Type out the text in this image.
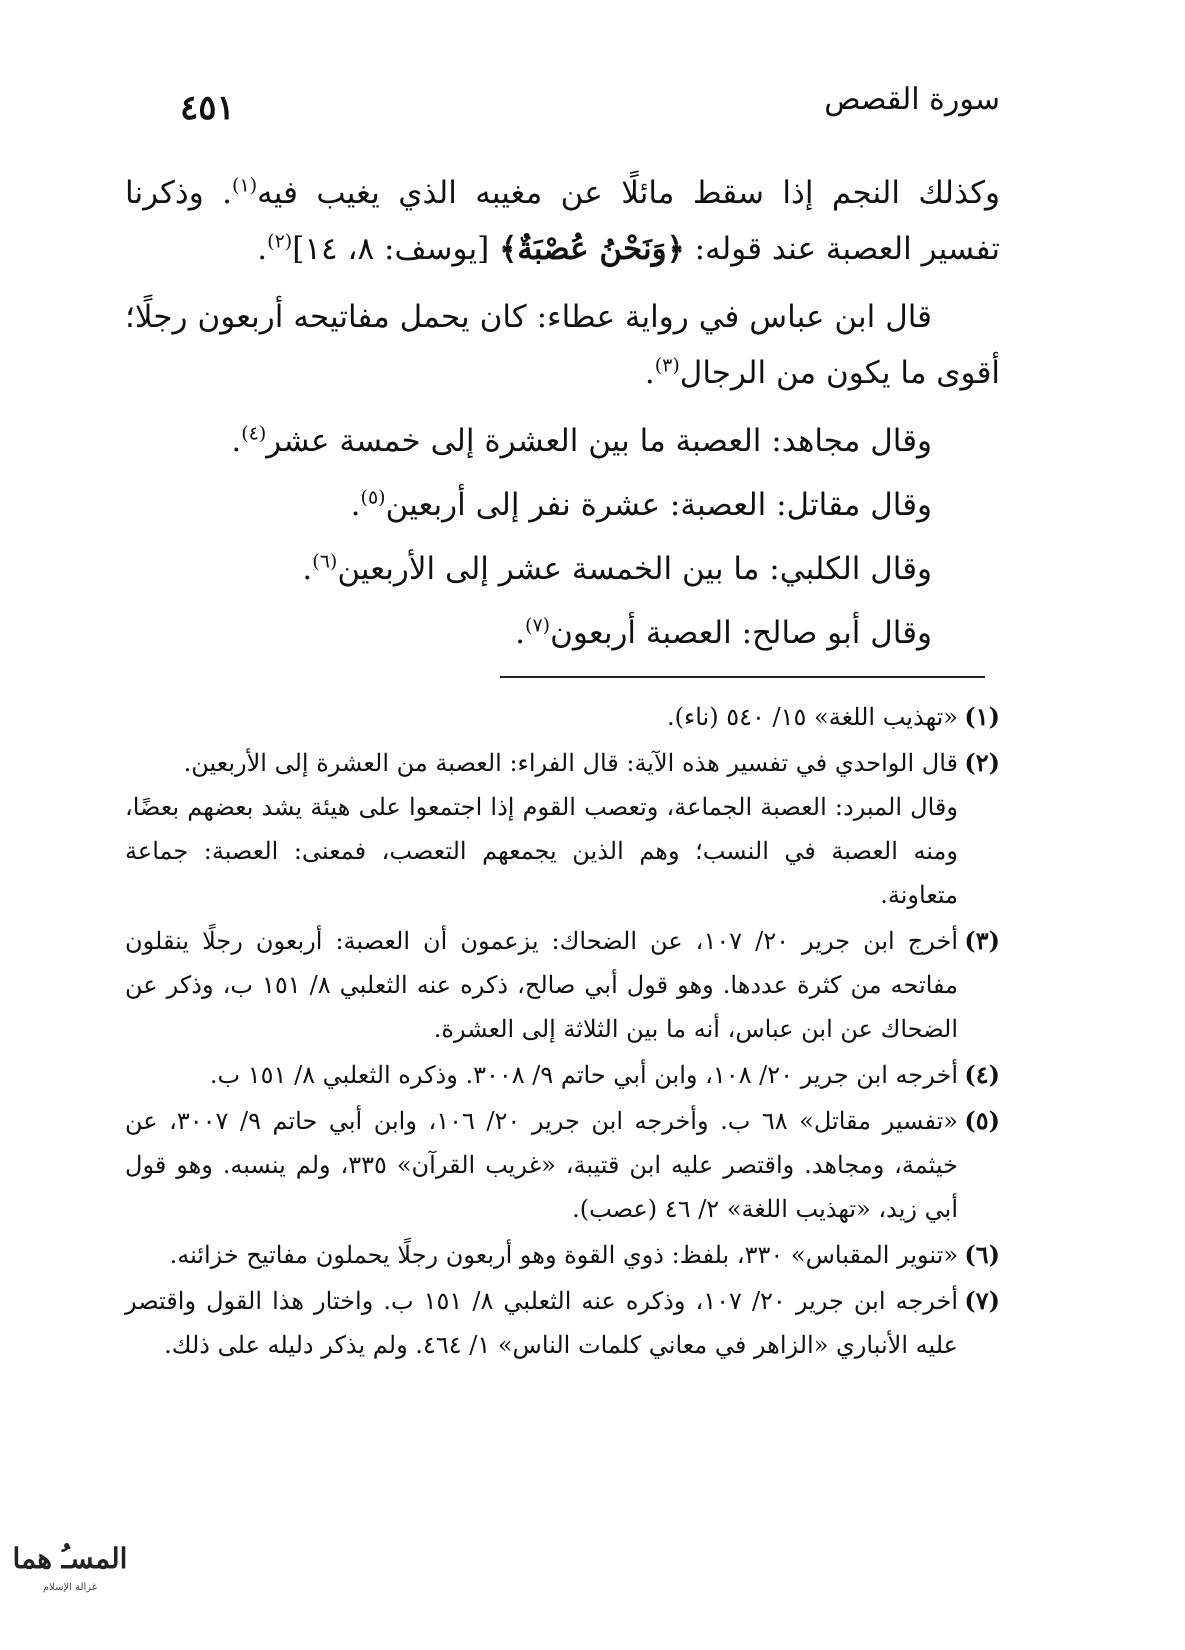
سورة القصص
٤٥١

وكذلك النجم إذا سقط مائلًا عن مغيبه الذي يغيب فيه$^{(١)}$. وذكرنا تفسير العصبة عند قوله: ﴿وَنَحْنُ عُصْبَةٌ﴾ [يوسف: ٨، ١٤]$^{(٢)}$.

قال ابن عباس في رواية عطاء: كان يحمل مفاتيحه أربعون رجلًا؛ أقوى ما يكون من الرجال$^{(٣)}$.

وقال مجاهد: العصبة ما بين العشرة إلى خمسة عشر$^{(٤)}$.

وقال مقاتل: العصبة: عشرة نفر إلى أربعين$^{(٥)}$.

وقال الكلبي: ما بين الخمسة عشر إلى الأربعين$^{(٦)}$.

وقال أبو صالح: العصبة أربعون$^{(٧)}$.

(١)

«تهذيب اللغة» ١٥/ ٥٤٠ (ناء).

(٢)

قال الواحدي في تفسير هذه الآية: قال الفراء: العصبة من العشرة إلى الأربعين.

وقال المبرد: العصبة الجماعة، وتعصب القوم إذا اجتمعوا على هيئة يشد بعضهم بعضًا، ومنه العصبة في النسب؛ وهم الذين يجمعهم التعصب، فمعنى: العصبة: جماعة متعاونة.

(٣)

أخرج ابن جرير ٢٠/ ١٠٧، عن الضحاك: يزعمون أن العصبة: أربعون رجلًا ينقلون مفاتحه من كثرة عددها. وهو قول أبي صالح، ذكره عنه الثعلبي ٨/ ١٥١ ب، وذكر عن الضحاك عن ابن عباس، أنه ما بين الثلاثة إلى العشرة.

(٤)

أخرجه ابن جرير ٢٠/ ١٠٨، وابن أبي حاتم ٩/ ٣٠٠٨. وذكره الثعلبي ٨/ ١٥١ ب.

(٥)

«تفسير مقاتل» ٦٨ ب. وأخرجه ابن جرير ٢٠/ ١٠٦، وابن أبي حاتم ٩/ ٣٠٠٧، عن خيثمة، ومجاهد. واقتصر عليه ابن قتيبة، «غريب القرآن» ٣٣٥، ولم ينسبه. وهو قول أبي زيد، «تهذيب اللغة» ٢/ ٤٦ (عصب).

(٦)

«تنوير المقباس» ٣٣٠، بلفظ: ذوي القوة وهو أربعون رجلًا يحملون مفاتيح خزائنه.

(٧)

أخرجه ابن جرير ٢٠/ ١٠٧، وذكره عنه الثعلبي ٨/ ١٥١ ب. واختار هذا القول واقتصر عليه الأنباري «الزاهر في معاني كلمات الناس» ١/ ٤٦٤. ولم يذكر دليله على ذلك.

المسـُ هما
غزالة الإسلام
